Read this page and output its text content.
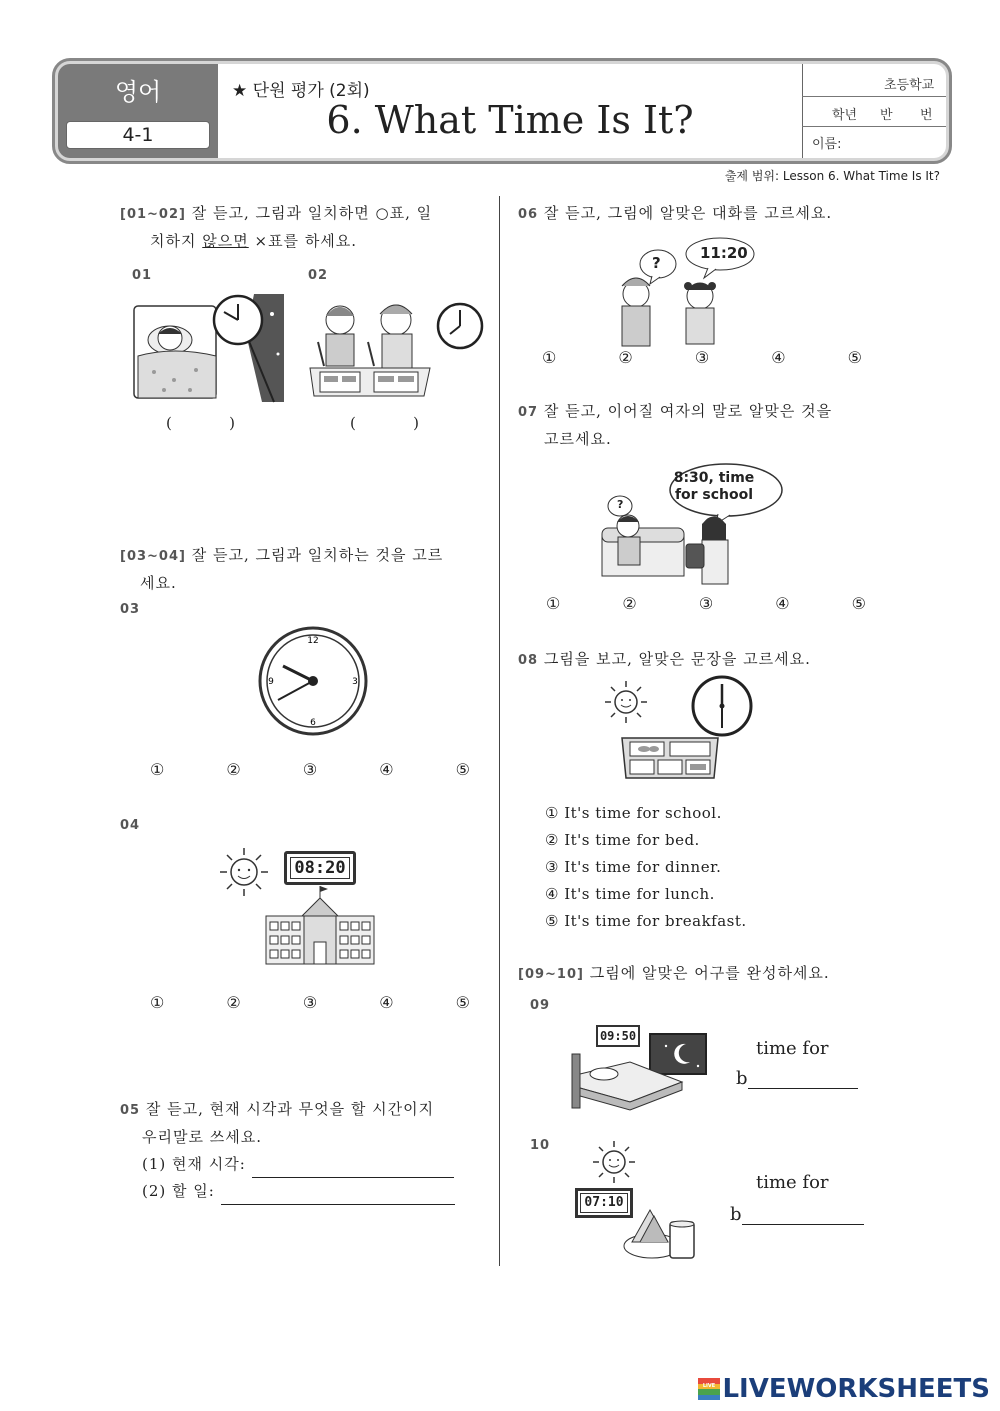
영어
4-1
★ 단원 평가 (2회)
6. What Time Is It?
초등학교
학년 반 번
이름:
출제 범위: Lesson 6. What Time Is It?
[01~02] 잘 듣고, 그림과 일치하면 ○표, 일
치하지 않으면 ×표를 하세요.
01	02
(            )	(            )
[03~04] 잘 듣고, 그림과 일치하는 것을 고르
세요.
03
12
3
6
9
①	②	③	④	⑤
04
08:20
①	②	③	④	⑤
05 잘 듣고, 현재 시각과 무엇을 할 시간이지
우리말로 쓰세요.
(1) 현재 시각:
(2) 할 일:
06 잘 듣고, 그림에 알맞은 대화를 고르세요.
?
11:20
①	②	③	④	⑤
07 잘 듣고, 이어질 여자의 말로 알맞은 것을
고르세요.
?
8:30, time
for school
①	②	③	④	⑤
08 그림을 보고, 알맞은 문장을 고르세요.
① It's time for school.
② It's time for bed.
③ It's time for dinner.
④ It's time for lunch.
⑤ It's time for breakfast.
[09~10] 그림에 알맞은 어구를 완성하세요.
09
09:50
time for
b
10
07:10
time for
b
LIVE LIVEWORKSHEETS
